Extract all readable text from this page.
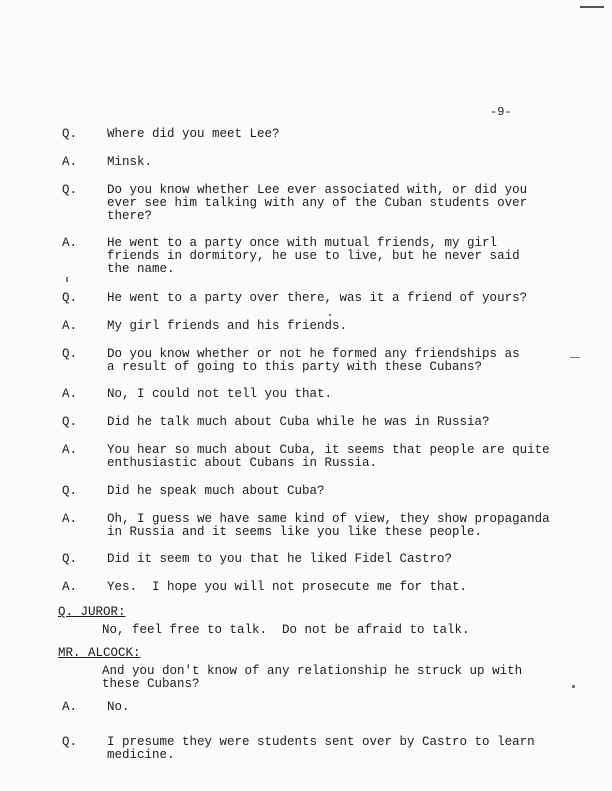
-9-
Q. Where did you meet Lee?
A. Minsk.
Q. Do you know whether Lee ever associated with, or did you
ever see him talking with any of the Cuban students over
there?
A. He went to a party once with mutual friends, my girl
friends in dormitory, he use to live, but he never said
the name.
Q. He went to a party over there, was it a friend of yours?
A. My girl friends and his friends.
Q. Do you know whether or not he formed any friendships as
a result of going to this party with these Cubans?
A. No, I could not tell you that.
Q. Did he talk much about Cuba while he was in Russia?
A. You hear so much about Cuba, it seems that people are quite
enthusiastic about Cubans in Russia.
Q. Did he speak much about Cuba?
A. Oh, I guess we have same kind of view, they show propaganda
in Russia and it seems like you like these people.
Q. Did it seem to you that he liked Fidel Castro?
A. Yes.  I hope you will not prosecute me for that.
Q. JUROR:
No, feel free to talk.  Do not be afraid to talk.
MR. ALCOCK:
And you don't know of any relationship he struck up with
these Cubans?
A. No.
Q. I presume they were students sent over by Castro to learn
medicine.
